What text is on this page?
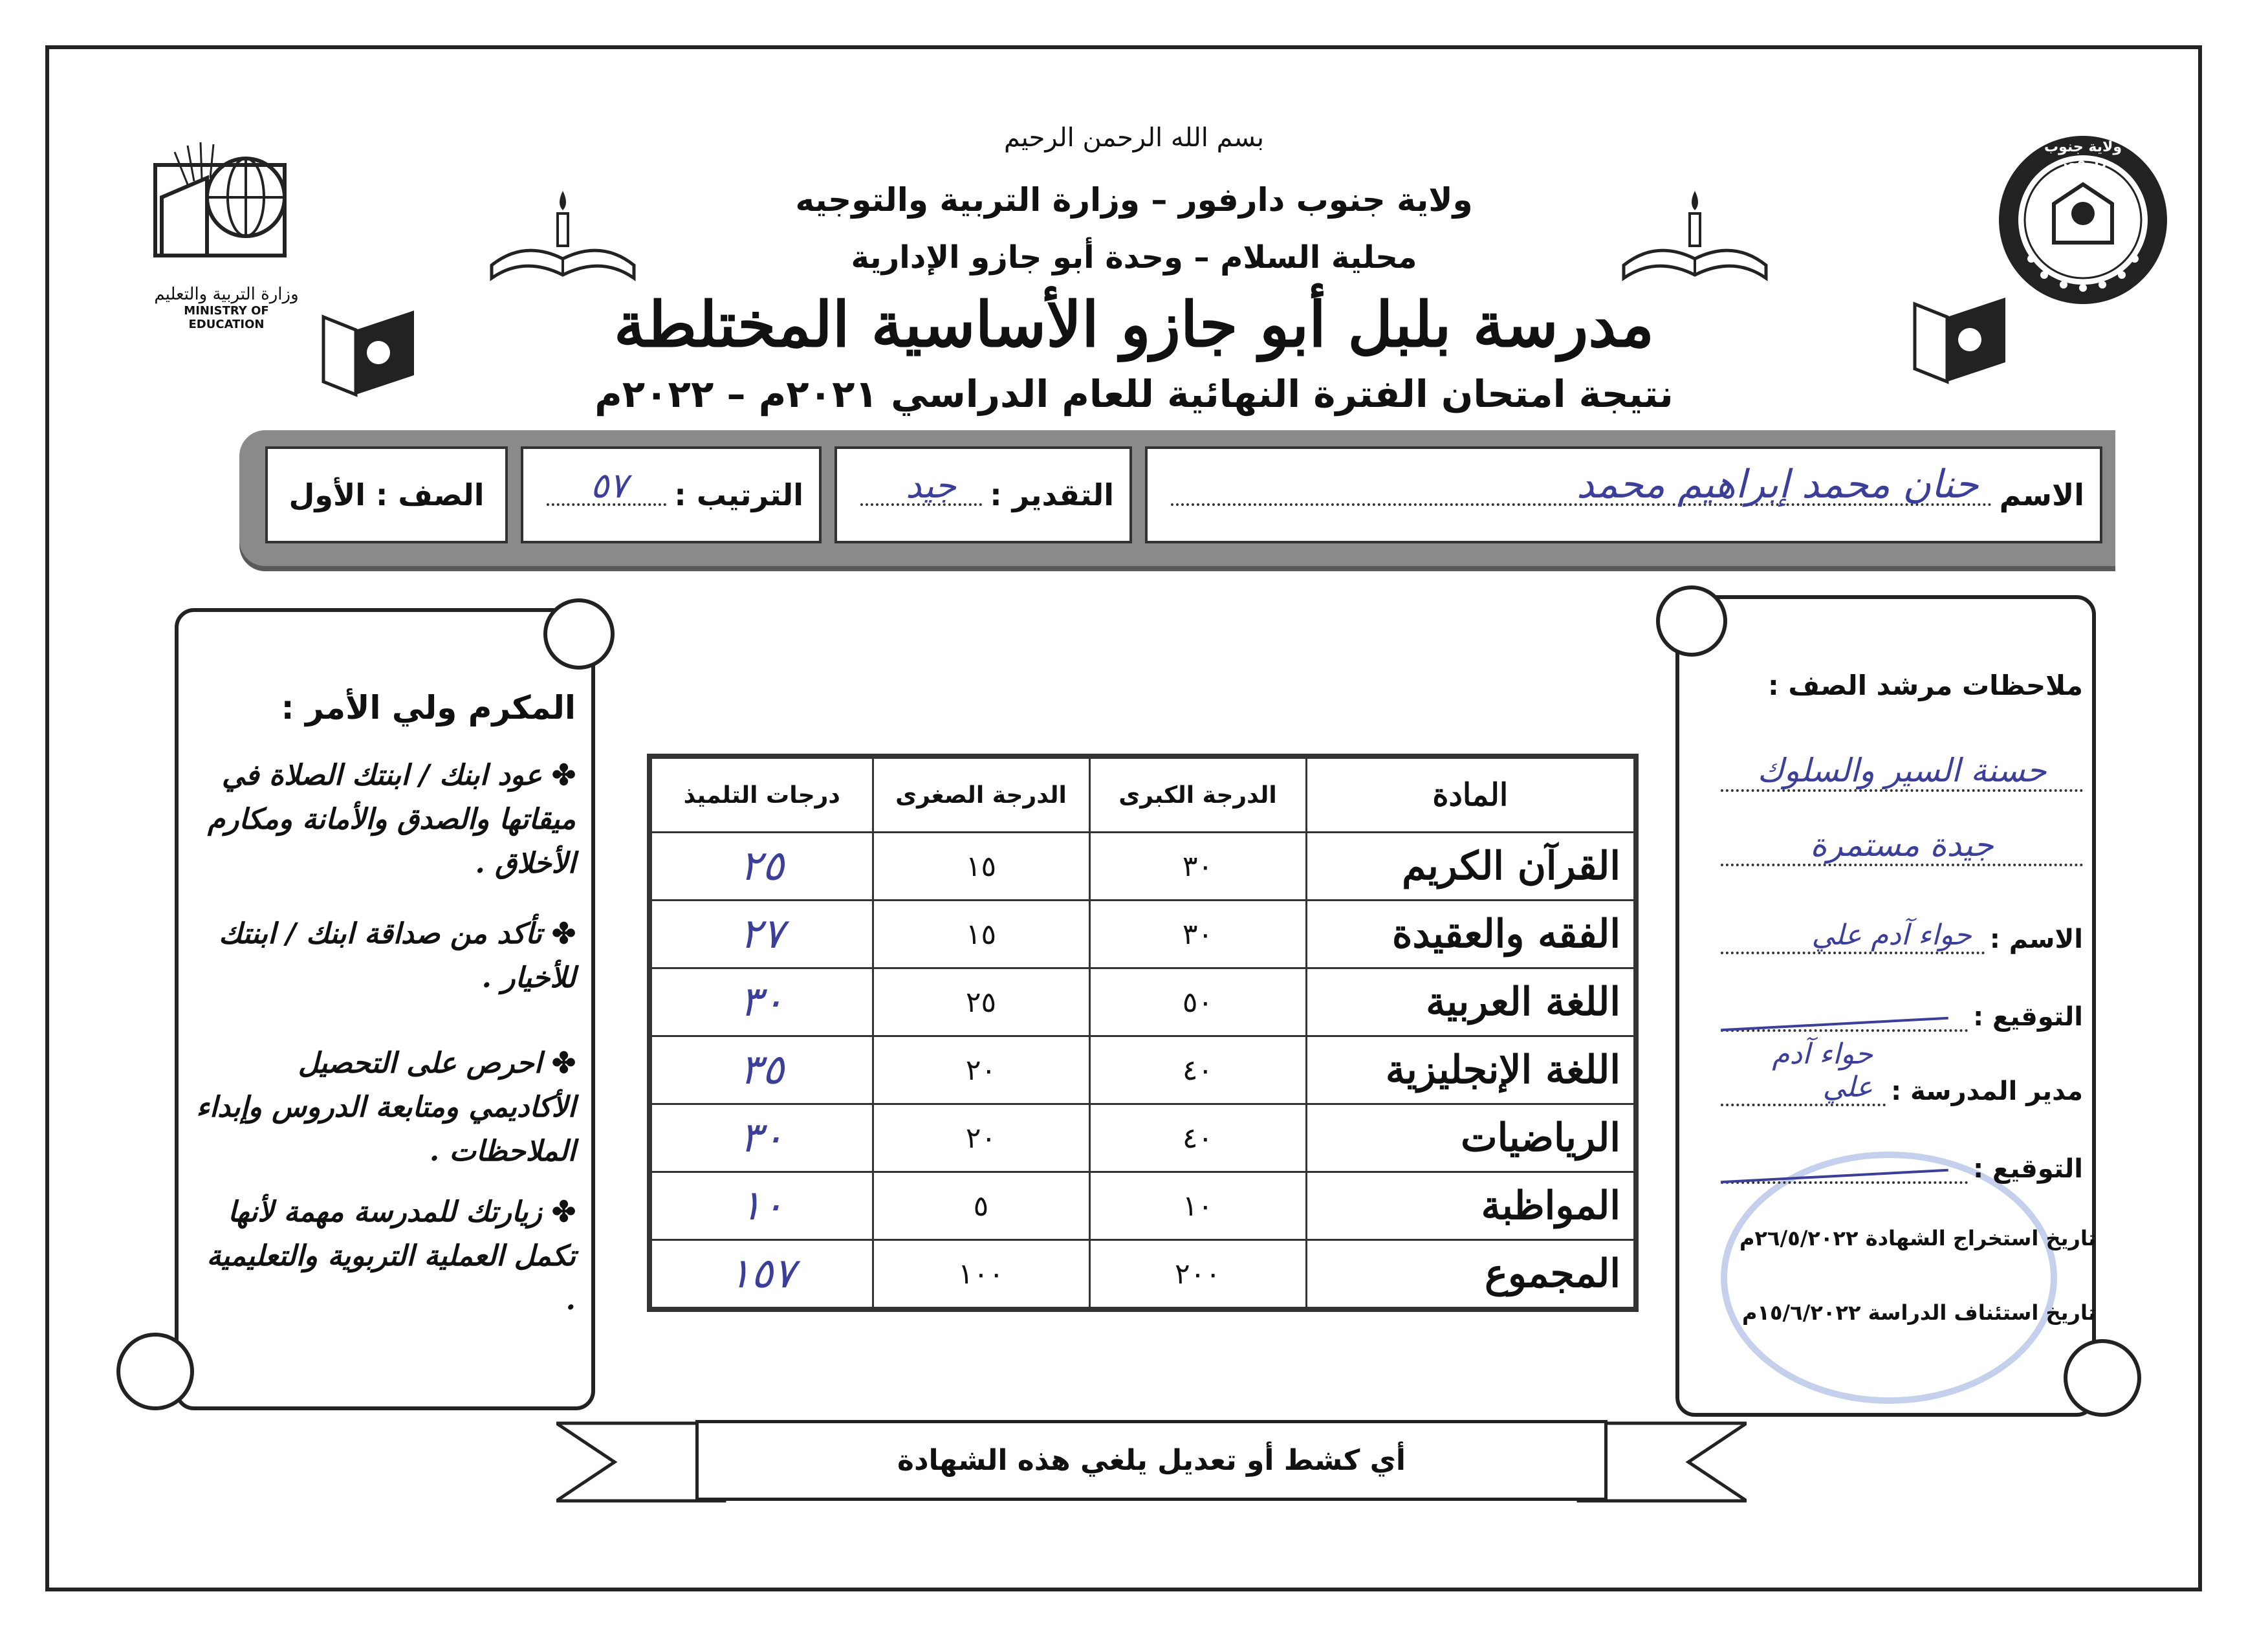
بسم الله الرحمن الرحيم
ولاية جنوب دارفور – وزارة التربية والتوجيه
محلية السلام – وحدة أبو جازو الإدارية
مدرسة بلبل أبو جازو الأساسية المختلطة
نتيجة امتحان الفترة النهائية للعام الدراسي ٢٠٢١م – ٢٠٢٢م
وزارة التربية والتعليم
MINISTRY OF EDUCATION
ولاية جنوب دارفور
الاسم
حنان محمد إبراهيم محمد
التقدير :
جيد
الترتيب :
٥٧
الصف : الأول
المكرم ولي الأمر :
✤ عود ابنك / ابنتك الصلاة في ميقاتها والصدق والأمانة ومكارم الأخلاق .
✤ تأكد من صداقة ابنك / ابنتك للأخيار .
✤ احرص على التحصيل الأكاديمي ومتابعة الدروس وإبداء الملاحظات .
✤ زيارتك للمدرسة مهمة لأنها تكمل العملية التربوية والتعليمية .
المادة	الدرجة الكبرى	الدرجة الصغرى	درجات التلميذ
القرآن الكريم	٣٠	١٥	٢٥
الفقه والعقيدة	٣٠	١٥	٢٧
اللغة العربية	٥٠	٢٥	٣٠
اللغة الإنجليزية	٤٠	٢٠	٣٥
الرياضيات	٤٠	٢٠	٣٠
المواظبة	١٠	٥	١٠
المجموع	٢٠٠	١٠٠	١٥٧
ملاحظات مرشد الصف :
حسنة السير والسلوك
جيدة مستمرة
الاسم :
حواء آدم علي
التوقيع :
مدير المدرسة :
حواء آدم علي
التوقيع :
تاريخ استخراج الشهادة ٢٦/٥/٢٠٢٢م
تاريخ استئناف الدراسة ١٥/٦/٢٠٢٢م
أي كشط أو تعديل يلغي هذه الشهادة
